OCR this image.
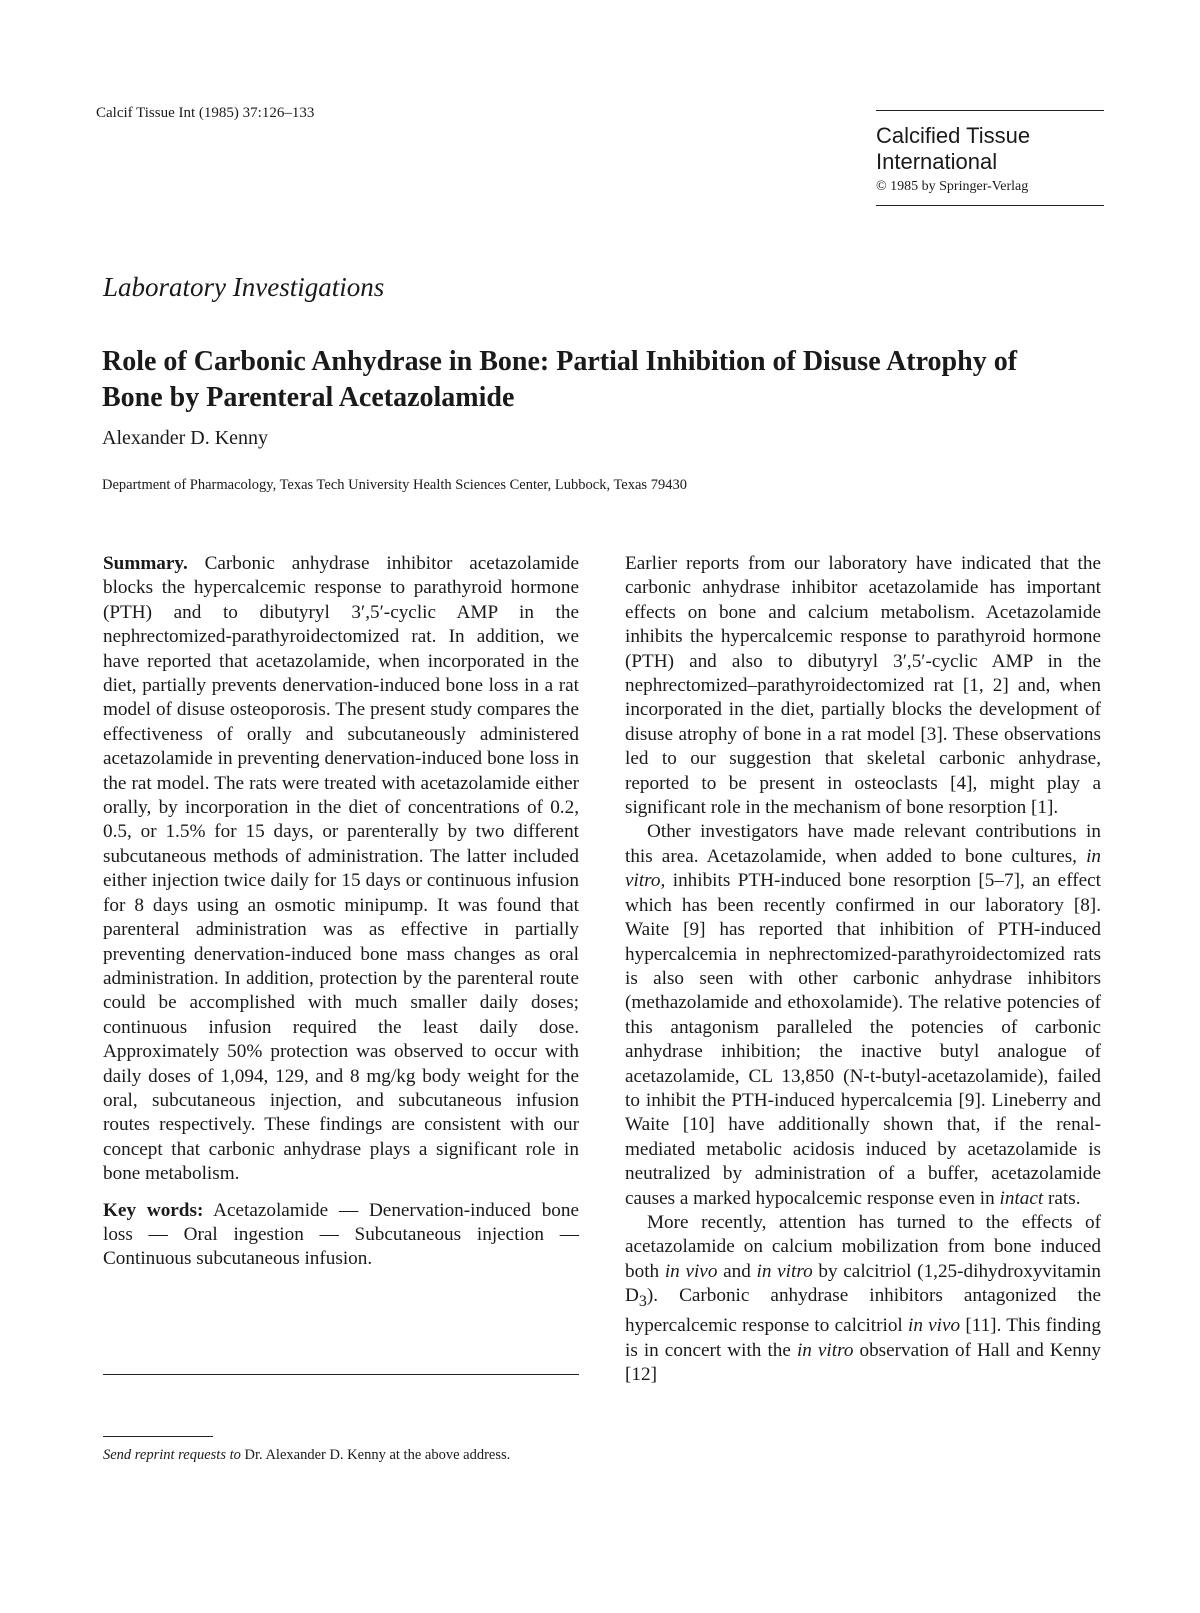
Calcif Tissue Int (1985) 37:126–133
Calcified Tissue
International
© 1985 by Springer-Verlag
Laboratory Investigations
Role of Carbonic Anhydrase in Bone: Partial Inhibition of Disuse Atrophy of
Bone by Parenteral Acetazolamide
Alexander D. Kenny
Department of Pharmacology, Texas Tech University Health Sciences Center, Lubbock, Texas 79430

Summary. Carbonic anhydrase inhibitor acetazolamide blocks the hypercalcemic response to parathyroid hormone (PTH) and to dibutyryl 3′,5′-cyclic AMP in the nephrectomized-parathyroidectomized rat. In addition, we have reported that acetazolamide, when incorporated in the diet, partially prevents denervation-induced bone loss in a rat model of disuse osteoporosis. The present study compares the effectiveness of orally and subcutaneously administered acetazolamide in preventing denervation-induced bone loss in the rat model. The rats were treated with acetazolamide either orally, by incorporation in the diet of concentrations of 0.2, 0.5, or 1.5% for 15 days, or parenterally by two different subcutaneous methods of administration. The latter included either injection twice daily for 15 days or continuous infusion for 8 days using an osmotic minipump. It was found that parenteral administration was as effective in partially preventing denervation-induced bone mass changes as oral administration. In addition, protection by the parenteral route could be accomplished with much smaller daily doses; continuous infusion required the least daily dose. Approximately 50% protection was observed to occur with daily doses of 1,094, 129, and 8 mg/kg body weight for the oral, subcutaneous injection, and subcutaneous infusion routes respectively. These findings are consistent with our concept that carbonic anhydrase plays a significant role in bone metabolism.

Key words: Acetazolamide — Denervation-induced bone loss — Oral ingestion — Subcutaneous injection — Continuous subcutaneous infusion.

Send reprint requests to Dr. Alexander D. Kenny at the above address.

Earlier reports from our laboratory have indicated that the carbonic anhydrase inhibitor acetazolamide has important effects on bone and calcium metabolism. Acetazolamide inhibits the hypercalcemic response to parathyroid hormone (PTH) and also to dibutyryl 3′,5′-cyclic AMP in the nephrectomized–parathyroidectomized rat [1, 2] and, when incorporated in the diet, partially blocks the development of disuse atrophy of bone in a rat model [3]. These observations led to our suggestion that skeletal carbonic anhydrase, reported to be present in osteoclasts [4], might play a significant role in the mechanism of bone resorption [1].

Other investigators have made relevant contributions in this area. Acetazolamide, when added to bone cultures, in vitro, inhibits PTH-induced bone resorption [5–7], an effect which has been recently confirmed in our laboratory [8]. Waite [9] has reported that inhibition of PTH-induced hypercalcemia in nephrectomized-parathyroidectomized rats is also seen with other carbonic anhydrase inhibitors (methazolamide and ethoxolamide). The relative potencies of this antagonism paralleled the potencies of carbonic anhydrase inhibition; the inactive butyl analogue of acetazolamide, CL 13,850 (N-t-butyl-acetazolamide), failed to inhibit the PTH-induced hypercalcemia [9]. Lineberry and Waite [10] have additionally shown that, if the renal-mediated metabolic acidosis induced by acetazolamide is neutralized by administration of a buffer, acetazolamide causes a marked hypocalcemic response even in intact rats.

More recently, attention has turned to the effects of acetazolamide on calcium mobilization from bone induced both in vivo and in vitro by calcitriol (1,25-dihydroxyvitamin $D_3$). Carbonic anhydrase inhibitors antagonized the hypercalcemic response to calcitriol in vivo [11]. This finding is in concert with the in vitro observation of Hall and Kenny [12]
